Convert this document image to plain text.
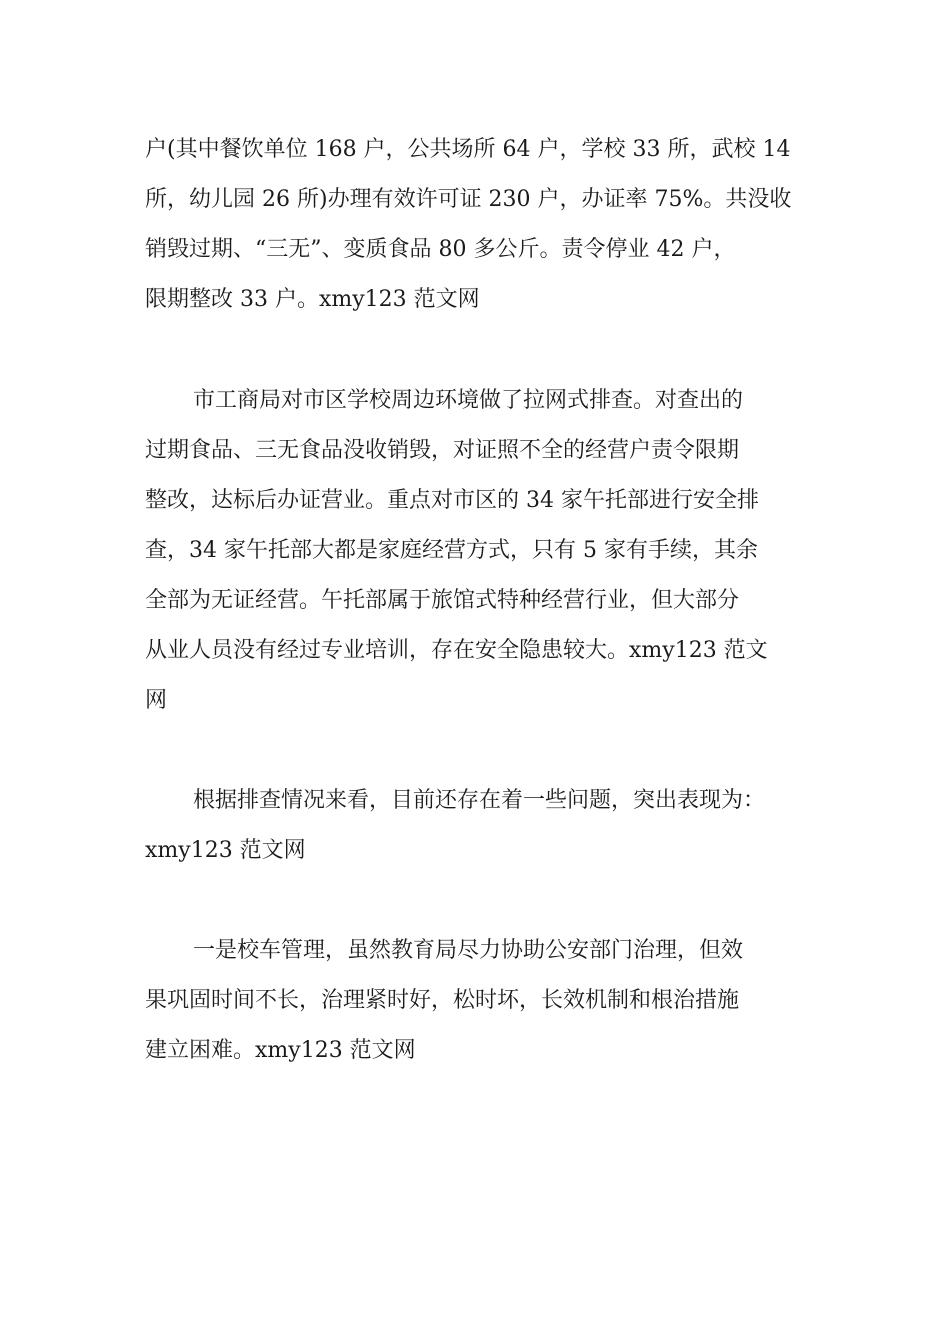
户(其中餐饮单位 168 户，公共场所 64 户，学校 33 所，武校 14
所，幼儿园 26 所)办理有效许可证 230 户，办证率 75%。共没收
销毁过期、“三无”、变质食品 80 多公斤。责令停业 42 户，
限期整改 33 户。xmy123 范文网
市工商局对市区学校周边环境做了拉网式排查。对查出的
过期食品、三无食品没收销毁，对证照不全的经营户责令限期
整改，达标后办证营业。重点对市区的 34 家午托部进行安全排
查，34 家午托部大都是家庭经营方式，只有 5 家有手续，其余
全部为无证经营。午托部属于旅馆式特种经营行业，但大部分
从业人员没有经过专业培训，存在安全隐患较大。xmy123 范文
网
根据排查情况来看，目前还存在着一些问题，突出表现为：
xmy123 范文网
一是校车管理，虽然教育局尽力协助公安部门治理，但效
果巩固时间不长，治理紧时好，松时坏，长效机制和根治措施
建立困难。xmy123 范文网
